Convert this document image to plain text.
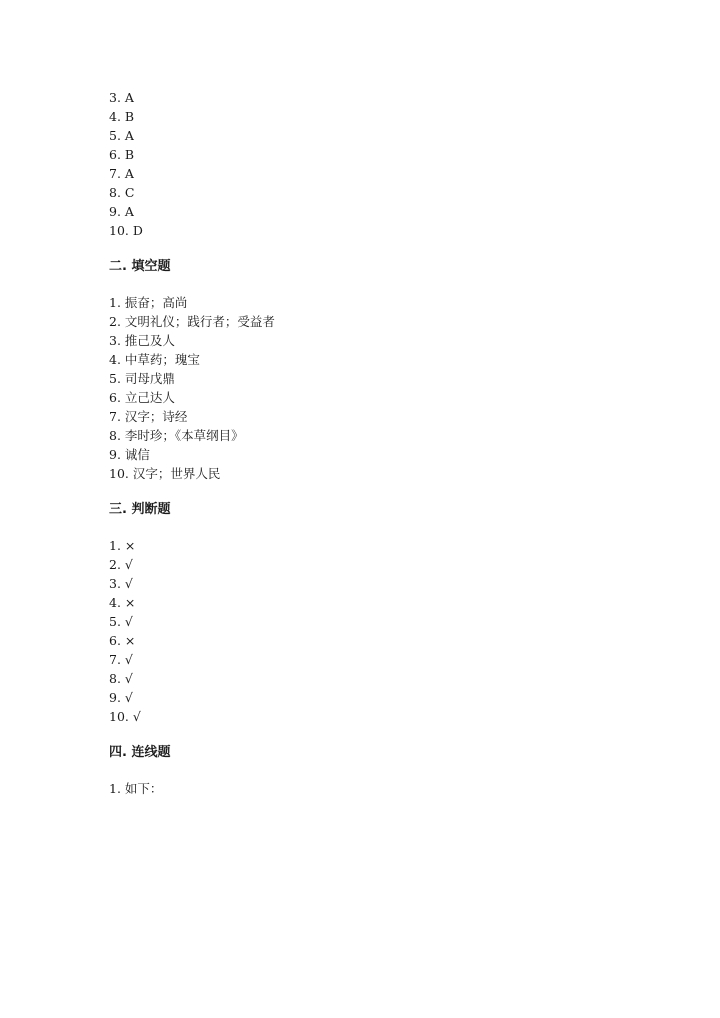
3. A
4. B
5. A
6. B
7. A
8. C
9. A
10. D
二. 填空题
1. 振奋；高尚
2. 文明礼仪；践行者；受益者
3. 推己及人
4. 中草药；瑰宝
5. 司母戊鼎
6. 立己达人
7. 汉字；诗经
8. 李时珍；《本草纲目》
9. 诚信
10. 汉字；世界人民
三. 判断题
1. ×
2. √
3. √
4. ×
5. √
6. ×
7. √
8. √
9. √
10. √
四. 连线题
1. 如下：
